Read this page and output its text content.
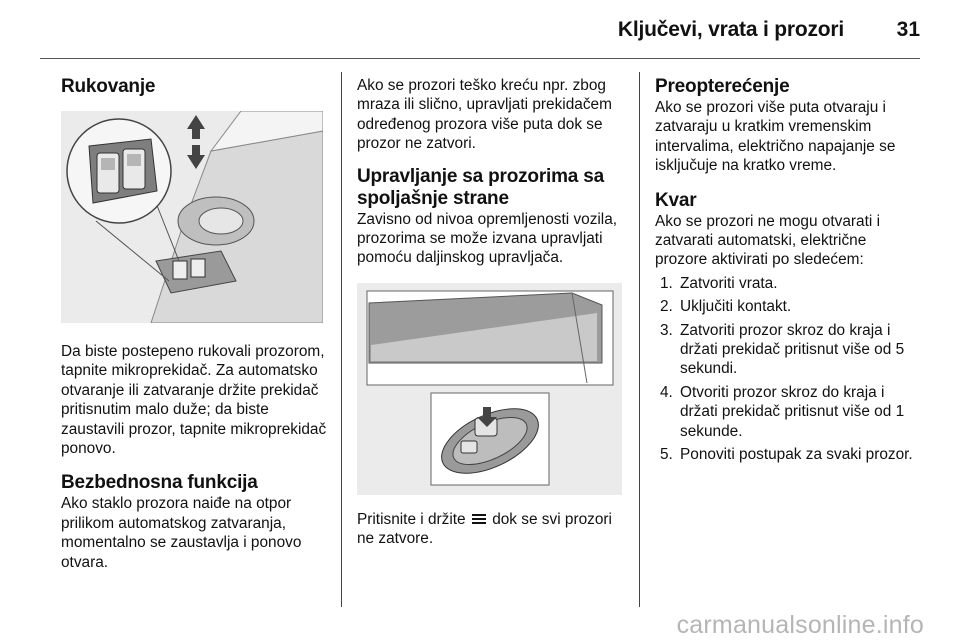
Ključevi, vrata i prozori	31
Rukovanje

Da biste postepeno rukovali prozorom, tapnite mikroprekidač. Za automatsko otvaranje ili zatvaranje držite prekidač pritisnutim malo duže; da biste zaustavili prozor, tapnite mikroprekidač ponovo.

Bezbednosna funkcija

Ako staklo prozora naiđe na otpor prilikom automatskog zatvaranja, momentalno se zaustavlja i ponovo otvara.

Ako se prozori teško kreću npr. zbog mraza ili slično, upravljati prekidačem određenog prozora više puta dok se prozor ne zatvori.

Upravljanje sa prozorima sa spoljašnje strane

Zavisno od nivoa opremljenosti vozila, prozorima se može izvana upravljati pomoću daljinskog upravljača.

Pritisnite i držite dok se svi prozori ne zatvore.

Preopterećenje

Ako se prozori više puta otvaraju i zatvaraju u kratkim vremenskim intervalima, električno napajanje se isključuje na kratko vreme.

Kvar

Ako se prozori ne mogu otvarati i zatvarati automatski, električne prozore aktivirati po sledećem:

1. Zatvoriti vrata.
2. Uključiti kontakt.
3. Zatvoriti prozor skroz do kraja i držati prekidač pritisnut više od 5 sekundi.
4. Otvoriti prozor skroz do kraja i držati prekidač pritisnut više od 1 sekunde.
5. Ponoviti postupak za svaki prozor.
carmanualsonline.info
